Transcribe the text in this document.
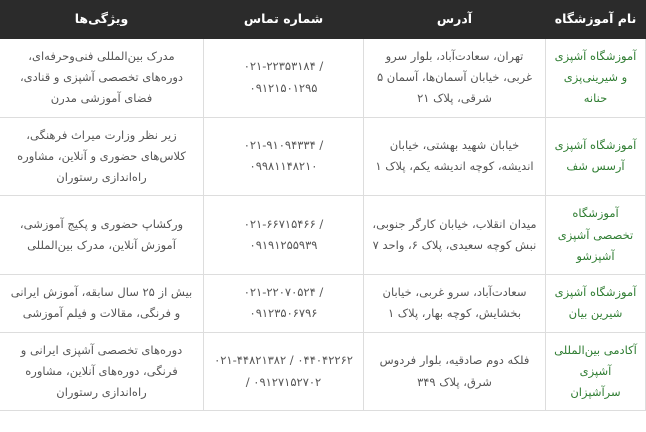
نام آموزشگاه	آدرس	شماره تماس	ویژگی‌ها
آموزشگاه آشپزی و شیرینی‌پزی حنانه	تهران، سعادت‌آباد، بلوار سرو غربی، خیابان آسمان‌ها، آسمان ۵ شرقی، پلاک ۲۱	۰۲۱-۲۲۳۵۳۱۸۴ / ۰۹۱۲۱۵۰۱۲۹۵	مدرک بین‌المللی فنی‌وحرفه‌ای، دوره‌های تخصصی آشپزی و قنادی، فضای آموزشی مدرن
آموزشگاه آشپزی آرسس شف	خیابان شهید بهشتی، خیابان اندیشه، کوچه اندیشه یکم، پلاک ۱	۰۲۱-۹۱۰۹۴۳۳۴ / ۰۹۹۸۱۱۴۸۲۱۰	زیر نظر وزارت میراث فرهنگی، کلاس‌های حضوری و آنلاین، مشاوره راه‌اندازی رستوران
آموزشگاه تخصصی آشپزی آشپزشو	میدان انقلاب، خیابان کارگر جنوبی، نبش کوچه سعیدی، پلاک ۶، واحد ۷	۰۲۱-۶۶۷۱۵۴۶۶ / ۰۹۱۹۱۲۵۵۹۳۹	ورکشاپ حضوری و پکیج آموزشی، آموزش آنلاین، مدرک بین‌المللی
آموزشگاه آشپزی شیرین بیان	سعادت‌آباد، سرو غربی، خیابان بخشایش، کوچه بهار، پلاک ۱	۰۲۱-۲۲۰۷۰۵۲۴ / ۰۹۱۲۳۵۰۶۷۹۶	بیش از ۲۵ سال سابقه، آموزش ایرانی و فرنگی، مقالات و فیلم آموزشی
آکادمی بین‌المللی آشپزی سرآشپزان	فلکه دوم صادقیه، بلوار فردوس شرق، پلاک ۳۴۹	۰۲۱-۴۴۸۲۱۳۸۲ / ۰۴۴۰۴۲۲۶۲ / ۰۹۱۲۷۱۵۲۷۰۲	دوره‌های تخصصی آشپزی ایرانی و فرنگی، دوره‌های آنلاین، مشاوره راه‌اندازی رستوران
